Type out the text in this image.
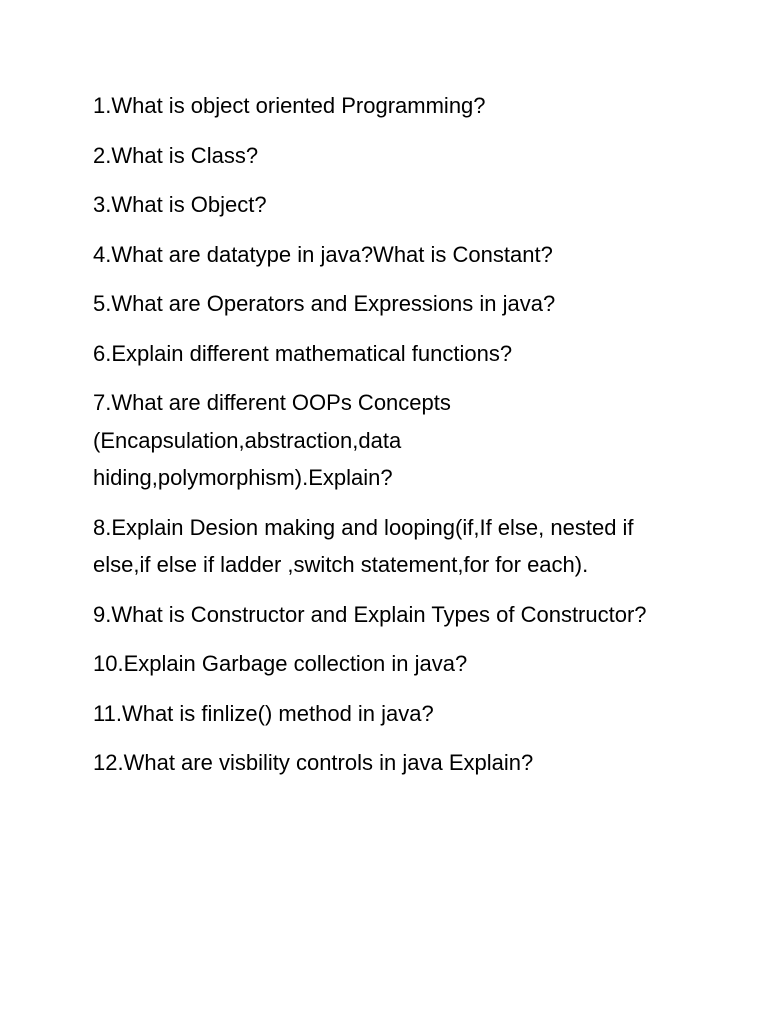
1.What is object oriented Programming?
2.What is Class?
3.What is Object?
4.What are datatype in java?What is Constant?
5.What are Operators and Expressions in java?
6.Explain different mathematical functions?
7.What are different OOPs Concepts (Encapsulation,abstraction,data hiding,polymorphism).Explain?
8.Explain Desion making and looping(if,If else, nested if else,if else if ladder ,switch statement,for for each).
9.What is Constructor and Explain Types of Constructor?
10.Explain Garbage collection in java?
11.What is finlize() method in java?
12.What are visbility controls in java Explain?
